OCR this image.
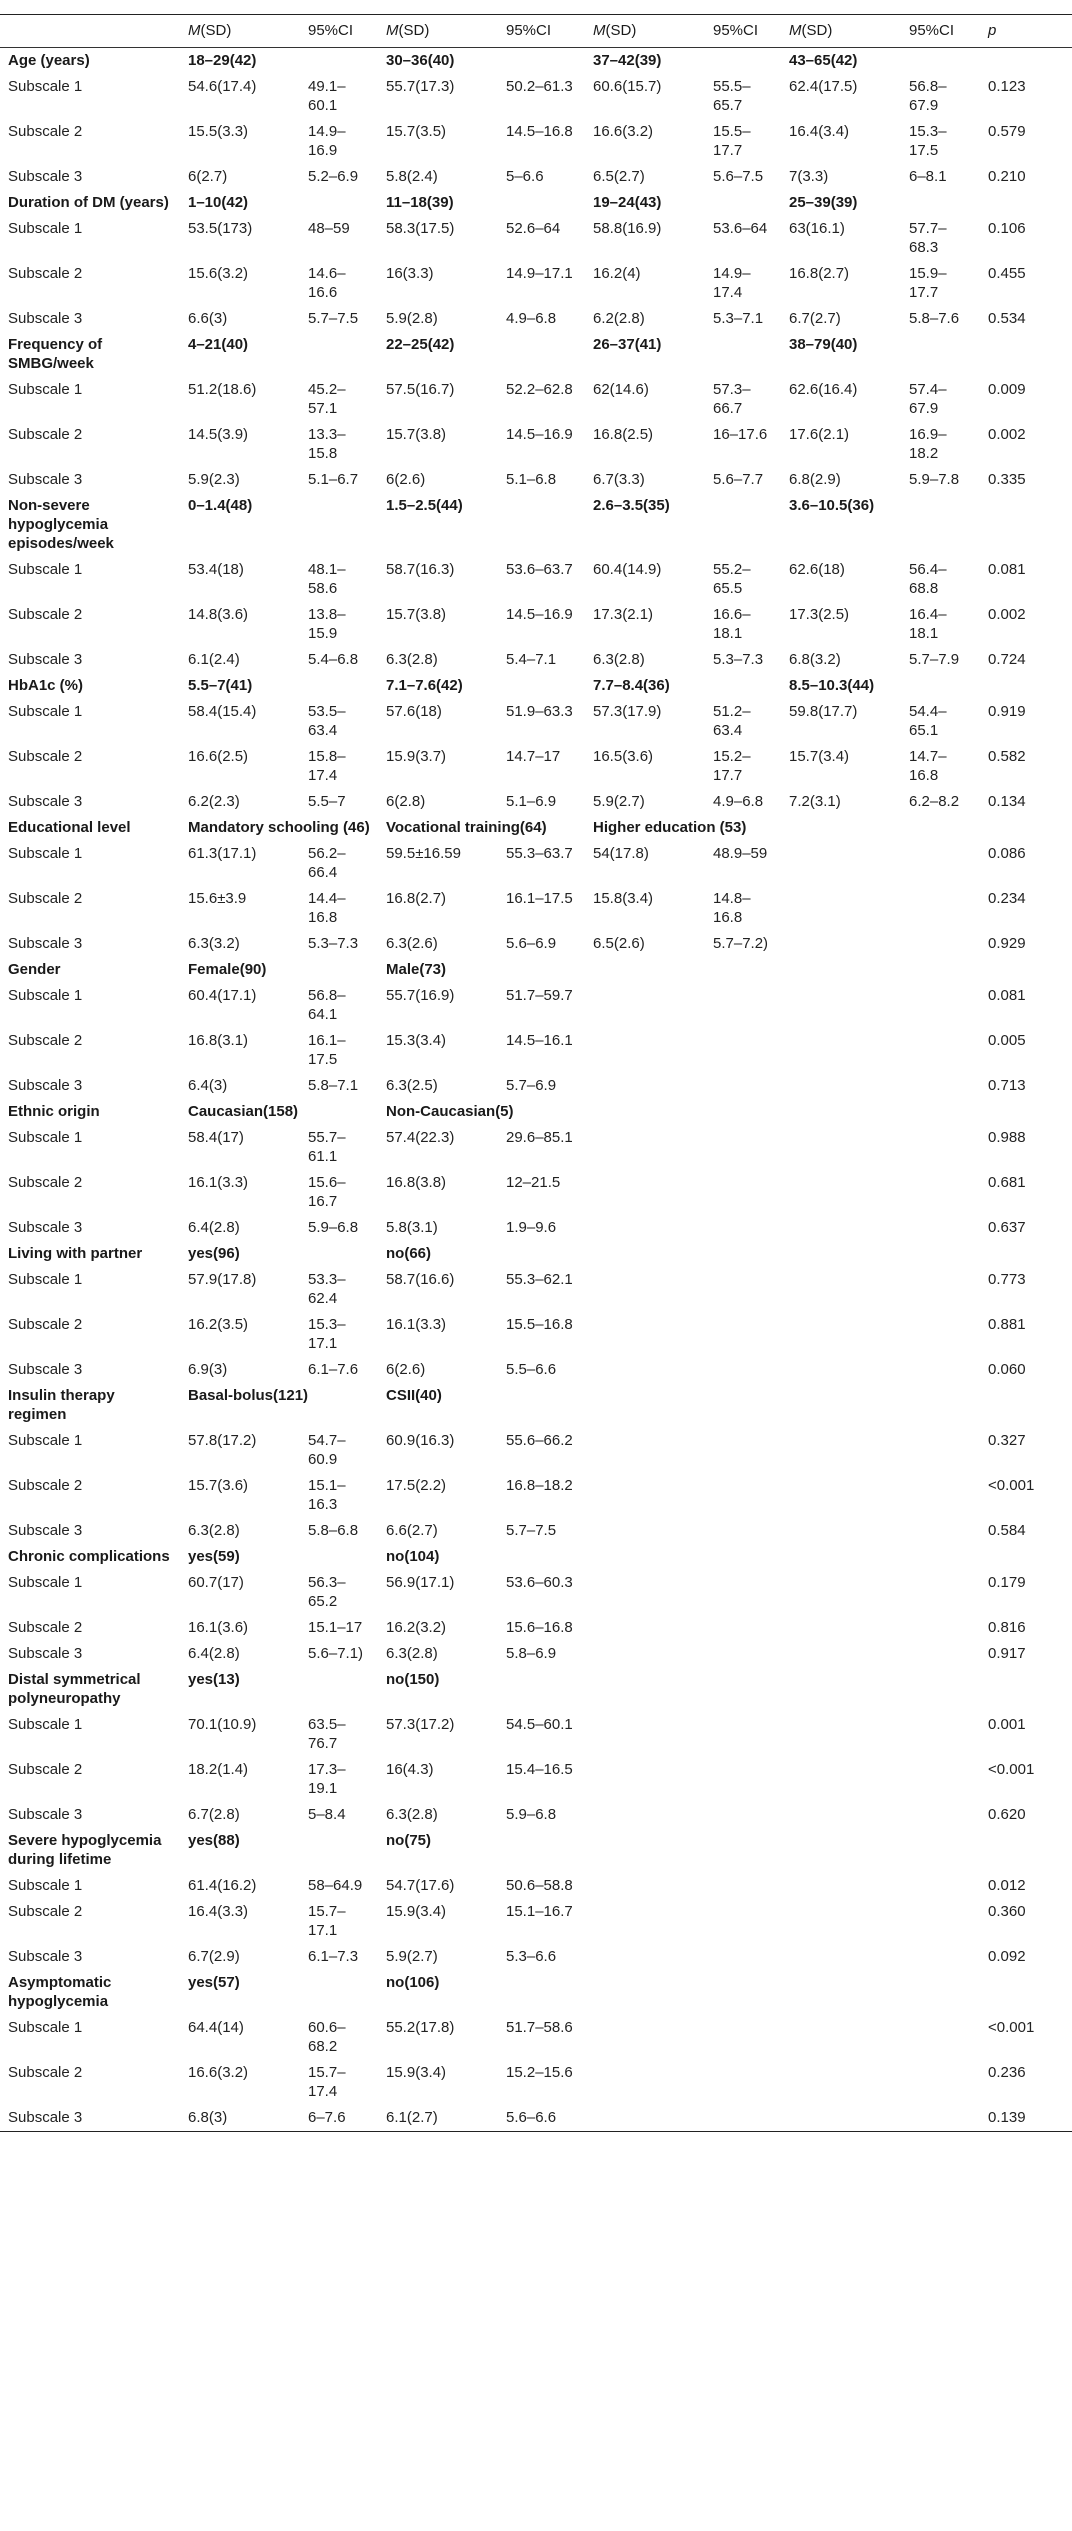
	M(SD)	95%CI	M(SD)	95%CI	M(SD)	95%CI	M(SD)	95%CI	p
Age (years)	18–29(42)		30–36(40)		37–42(39)		43–65(42)		
Subscale 1	54.6(17.4)	49.1–60.1	55.7(17.3)	50.2–61.3	60.6(15.7)	55.5–65.7	62.4(17.5)	56.8–67.9	0.123
Subscale 2	15.5(3.3)	14.9–16.9	15.7(3.5)	14.5–16.8	16.6(3.2)	15.5–17.7	16.4(3.4)	15.3–17.5	0.579
Subscale 3	6(2.7)	5.2–6.9	5.8(2.4)	5–6.6	6.5(2.7)	5.6–7.5	7(3.3)	6–8.1	0.210
Duration of DM (years)	1–10(42)		11–18(39)		19–24(43)		25–39(39)		
Subscale 1	53.5(173)	48–59	58.3(17.5)	52.6–64	58.8(16.9)	53.6–64	63(16.1)	57.7–68.3	0.106
Subscale 2	15.6(3.2)	14.6–16.6	16(3.3)	14.9–17.1	16.2(4)	14.9–17.4	16.8(2.7)	15.9–17.7	0.455
Subscale 3	6.6(3)	5.7–7.5	5.9(2.8)	4.9–6.8	6.2(2.8)	5.3–7.1	6.7(2.7)	5.8–7.6	0.534
Frequency of SMBG/week	4–21(40)		22–25(42)		26–37(41)		38–79(40)		
Subscale 1	51.2(18.6)	45.2–57.1	57.5(16.7)	52.2–62.8	62(14.6)	57.3–66.7	62.6(16.4)	57.4–67.9	0.009
Subscale 2	14.5(3.9)	13.3–15.8	15.7(3.8)	14.5–16.9	16.8(2.5)	16–17.6	17.6(2.1)	16.9–18.2	0.002
Subscale 3	5.9(2.3)	5.1–6.7	6(2.6)	5.1–6.8	6.7(3.3)	5.6–7.7	6.8(2.9)	5.9–7.8	0.335
Non-severe hypoglycemia episodes/week	0–1.4(48)		1.5–2.5(44)		2.6–3.5(35)		3.6–10.5(36)		
Subscale 1	53.4(18)	48.1–58.6	58.7(16.3)	53.6–63.7	60.4(14.9)	55.2–65.5	62.6(18)	56.4–68.8	0.081
Subscale 2	14.8(3.6)	13.8–15.9	15.7(3.8)	14.5–16.9	17.3(2.1)	16.6–18.1	17.3(2.5)	16.4–18.1	0.002
Subscale 3	6.1(2.4)	5.4–6.8	6.3(2.8)	5.4–7.1	6.3(2.8)	5.3–7.3	6.8(3.2)	5.7–7.9	0.724
HbA1c (%)	5.5–7(41)		7.1–7.6(42)		7.7–8.4(36)		8.5–10.3(44)		
Subscale 1	58.4(15.4)	53.5–63.4	57.6(18)	51.9–63.3	57.3(17.9)	51.2–63.4	59.8(17.7)	54.4–65.1	0.919
Subscale 2	16.6(2.5)	15.8–17.4	15.9(3.7)	14.7–17	16.5(3.6)	15.2–17.7	15.7(3.4)	14.7–16.8	0.582
Subscale 3	6.2(2.3)	5.5–7	6(2.8)	5.1–6.9	5.9(2.7)	4.9–6.8	7.2(3.1)	6.2–8.2	0.134
Educational level	Mandatory schooling (46)		Vocational training(64)		Higher education (53)				
Subscale 1	61.3(17.1)	56.2–66.4	59.5±16.59	55.3–63.7	54(17.8)	48.9–59			0.086
Subscale 2	15.6±3.9	14.4–16.8	16.8(2.7)	16.1–17.5	15.8(3.4)	14.8–16.8			0.234
Subscale 3	6.3(3.2)	5.3–7.3	6.3(2.6)	5.6–6.9	6.5(2.6)	5.7–7.2)			0.929
Gender	Female(90)		Male(73)						
Subscale 1	60.4(17.1)	56.8–64.1	55.7(16.9)	51.7–59.7					0.081
Subscale 2	16.8(3.1)	16.1–17.5	15.3(3.4)	14.5–16.1					0.005
Subscale 3	6.4(3)	5.8–7.1	6.3(2.5)	5.7–6.9					0.713
Ethnic origin	Caucasian(158)		Non-Caucasian(5)						
Subscale 1	58.4(17)	55.7–61.1	57.4(22.3)	29.6–85.1					0.988
Subscale 2	16.1(3.3)	15.6–16.7	16.8(3.8)	12–21.5					0.681
Subscale 3	6.4(2.8)	5.9–6.8	5.8(3.1)	1.9–9.6					0.637
Living with partner	yes(96)		no(66)						
Subscale 1	57.9(17.8)	53.3–62.4	58.7(16.6)	55.3–62.1					0.773
Subscale 2	16.2(3.5)	15.3–17.1	16.1(3.3)	15.5–16.8					0.881
Subscale 3	6.9(3)	6.1–7.6	6(2.6)	5.5–6.6					0.060
Insulin therapy regimen	Basal-bolus(121)		CSII(40)						
Subscale 1	57.8(17.2)	54.7–60.9	60.9(16.3)	55.6–66.2					0.327
Subscale 2	15.7(3.6)	15.1–16.3	17.5(2.2)	16.8–18.2					<0.001
Subscale 3	6.3(2.8)	5.8–6.8	6.6(2.7)	5.7–7.5					0.584
Chronic complications	yes(59)		no(104)						
Subscale 1	60.7(17)	56.3–65.2	56.9(17.1)	53.6–60.3					0.179
Subscale 2	16.1(3.6)	15.1–17	16.2(3.2)	15.6–16.8					0.816
Subscale 3	6.4(2.8)	5.6–7.1)	6.3(2.8)	5.8–6.9					0.917
Distal symmetrical polyneuropathy	yes(13)		no(150)						
Subscale 1	70.1(10.9)	63.5–76.7	57.3(17.2)	54.5–60.1					0.001
Subscale 2	18.2(1.4)	17.3–19.1	16(4.3)	15.4–16.5					<0.001
Subscale 3	6.7(2.8)	5–8.4	6.3(2.8)	5.9–6.8					0.620
Severe hypoglycemia during lifetime	yes(88)		no(75)						
Subscale 1	61.4(16.2)	58–64.9	54.7(17.6)	50.6–58.8					0.012
Subscale 2	16.4(3.3)	15.7–17.1	15.9(3.4)	15.1–16.7					0.360
Subscale 3	6.7(2.9)	6.1–7.3	5.9(2.7)	5.3–6.6					0.092
Asymptomatic hypoglycemia	yes(57)		no(106)						
Subscale 1	64.4(14)	60.6–68.2	55.2(17.8)	51.7–58.6					<0.001
Subscale 2	16.6(3.2)	15.7–17.4	15.9(3.4)	15.2–15.6					0.236
Subscale 3	6.8(3)	6–7.6	6.1(2.7)	5.6–6.6					0.139
